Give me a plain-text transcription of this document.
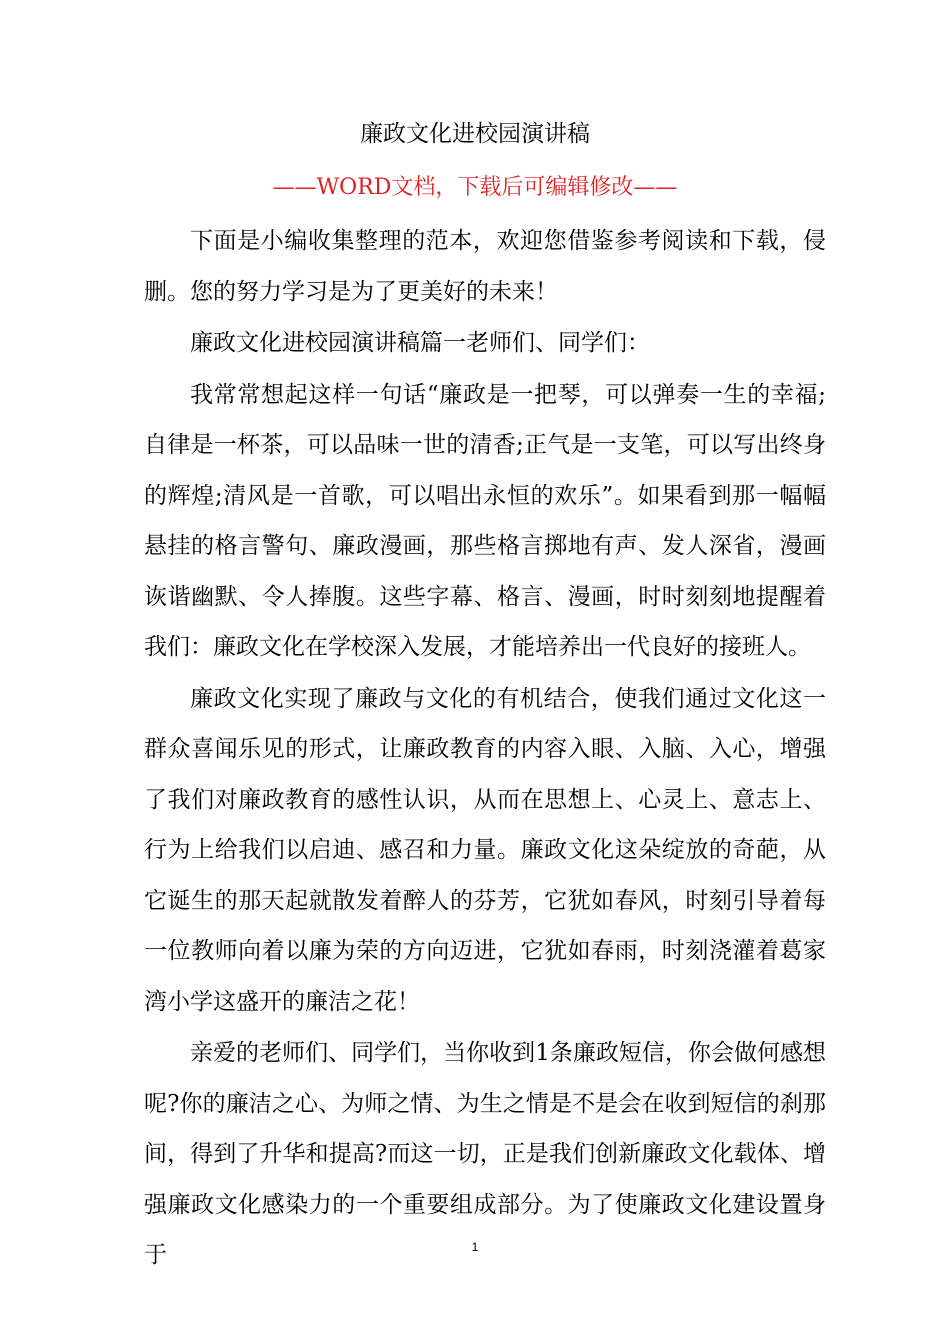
廉政文化进校园演讲稿
——WORD文档，下载后可编辑修改——

下面是小编收集整理的范本，欢迎您借鉴参考阅读和下载，侵删。您的努力学习是为了更美好的未来！

廉政文化进校园演讲稿篇一老师们、同学们：

我常常想起这样一句话“廉政是一把琴，可以弹奏一生的幸福;自律是一杯茶，可以品味一世的清香;正气是一支笔，可以写出终身的辉煌;清风是一首歌，可以唱出永恒的欢乐”。如果看到那一幅幅悬挂的格言警句、廉政漫画，那些格言掷地有声、发人深省，漫画诙谐幽默、令人捧腹。这些字幕、格言、漫画，时时刻刻地提醒着我们：廉政文化在学校深入发展，才能培养出一代良好的接班人。

廉政文化实现了廉政与文化的有机结合，使我们通过文化这一群众喜闻乐见的形式，让廉政教育的内容入眼、入脑、入心，增强了我们对廉政教育的感性认识，从而在思想上、心灵上、意志上、行为上给我们以启迪、感召和力量。廉政文化这朵绽放的奇葩，从它诞生的那天起就散发着醉人的芬芳，它犹如春风，时刻引导着每一位教师向着以廉为荣的方向迈进，它犹如春雨，时刻浇灌着葛家湾小学这盛开的廉洁之花！

亲爱的老师们、同学们，当你收到1条廉政短信，你会做何感想呢?你的廉洁之心、为师之情、为生之情是不是会在收到短信的刹那间，得到了升华和提高?而这一切，正是我们创新廉政文化载体、增强廉政文化感染力的一个重要组成部分。为了使廉政文化建设置身于	1
